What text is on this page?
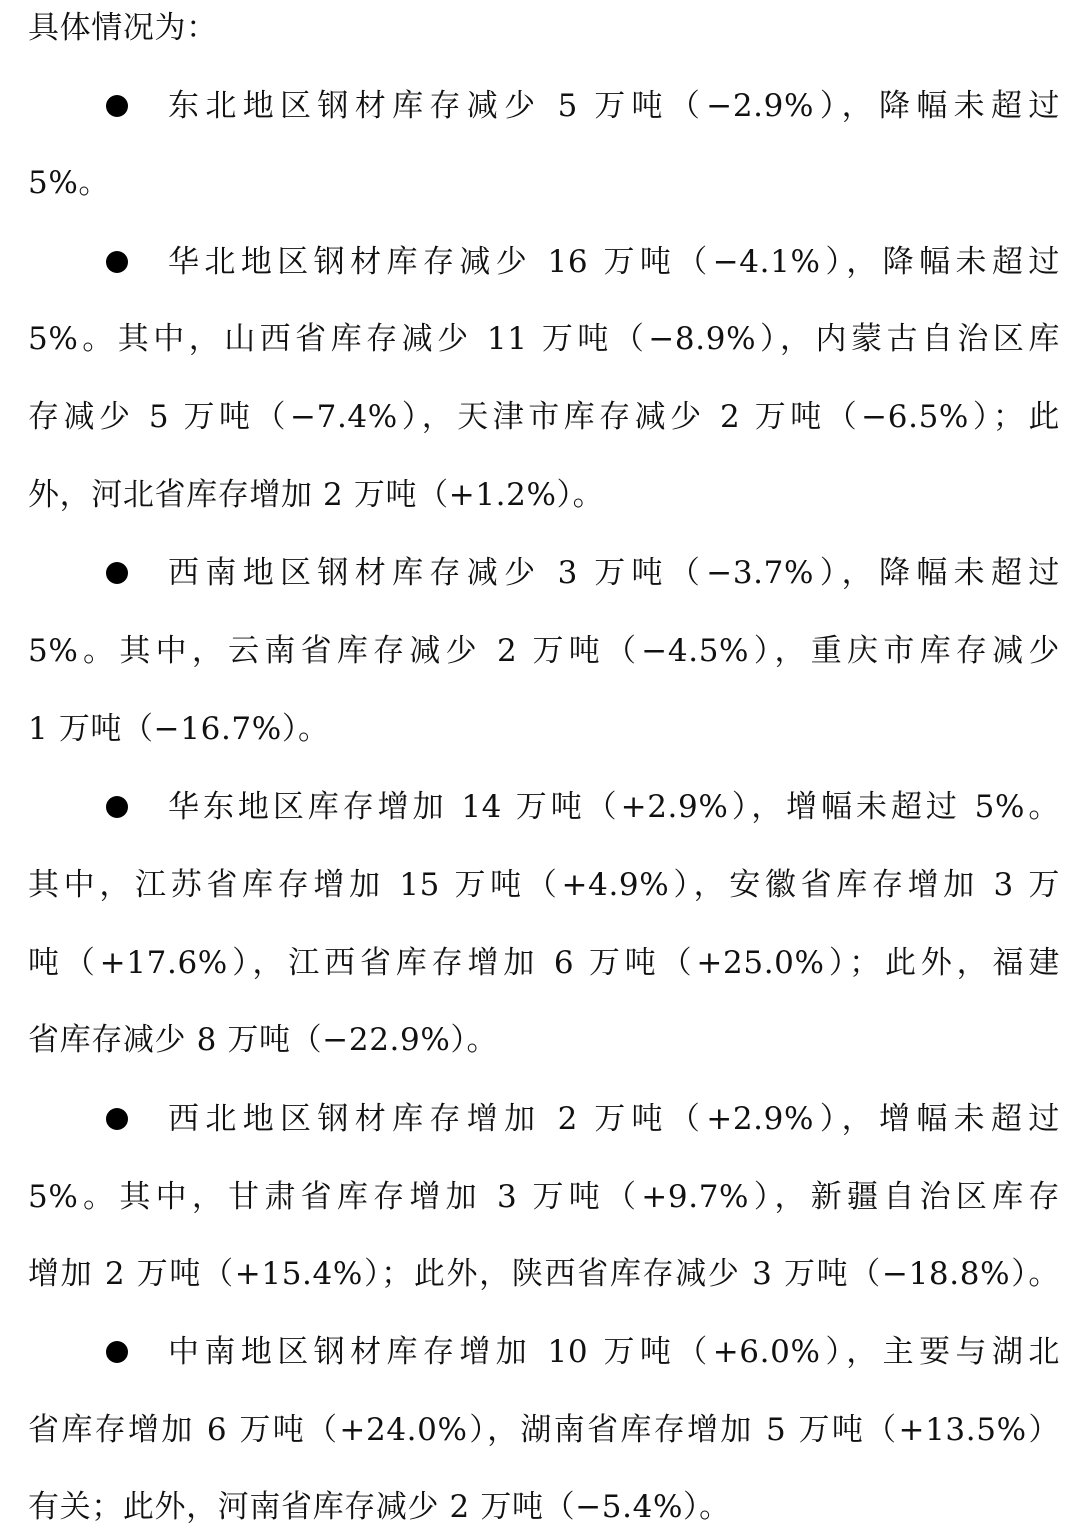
具体情况为：
东北地区钢材库存减少 5 万吨（−2.9%），降幅未超过
5%。
华北地区钢材库存减少 16 万吨（−4.1%），降幅未超过
5%。其中，山西省库存减少 11 万吨（−8.9%），内蒙古自治区库
存减少 5 万吨（−7.4%），天津市库存减少 2 万吨（−6.5%）；此
外，河北省库存增加 2 万吨（+1.2%）。
西南地区钢材库存减少 3 万吨（−3.7%），降幅未超过
5%。其中，云南省库存减少 2 万吨（−4.5%），重庆市库存减少
1 万吨（−16.7%）。
华东地区库存增加 14 万吨（+2.9%），增幅未超过 5%。
其中，江苏省库存增加 15 万吨（+4.9%），安徽省库存增加 3 万
吨（+17.6%），江西省库存增加 6 万吨（+25.0%）；此外，福建
省库存减少 8 万吨（−22.9%）。
西北地区钢材库存增加 2 万吨（+2.9%），增幅未超过
5%。其中，甘肃省库存增加 3 万吨（+9.7%），新疆自治区库存
增加 2 万吨（+15.4%）；此外，陕西省库存减少 3 万吨（−18.8%）。
中南地区钢材库存增加 10 万吨（+6.0%），主要与湖北
省库存增加 6 万吨（+24.0%），湖南省库存增加 5 万吨（+13.5%）
有关；此外，河南省库存减少 2 万吨（−5.4%）。
